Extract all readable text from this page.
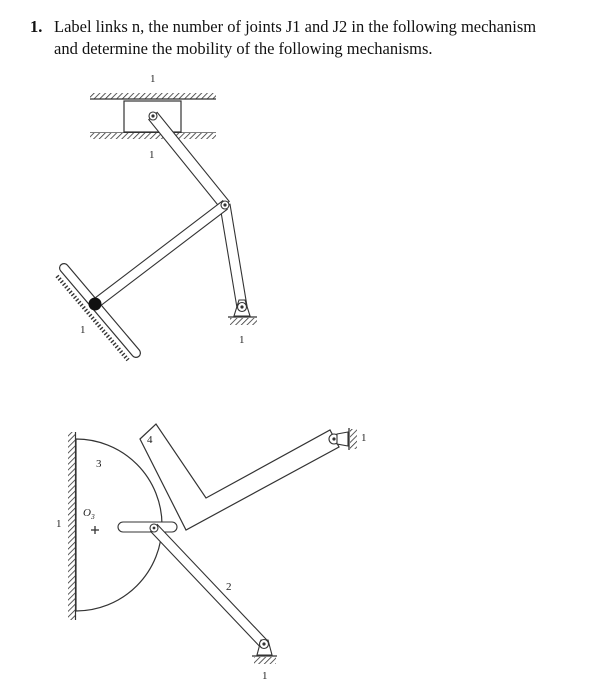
1. Label links n, the number of joints J1 and J2 in the following mechanism
and determine the mobility of the following mechanisms.

1
1
1
1
1
3
$O_3$
4
2
1
1
